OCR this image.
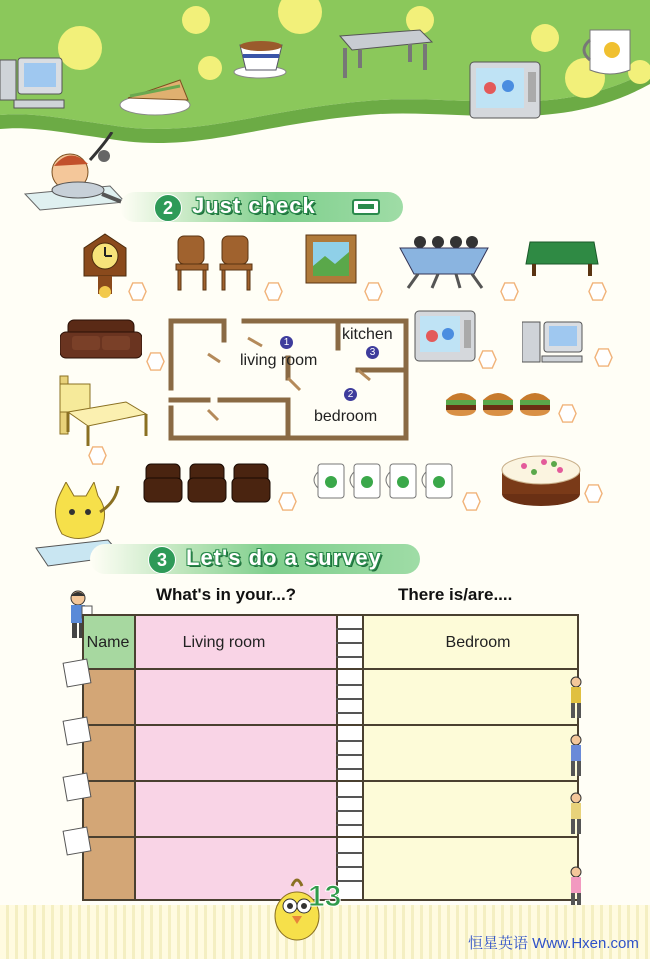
2 Just check
1
living room
kitchen
3
2
bedroom
3 Let's do a survey
What's in your...?	There is/are....
Name	Living room	Bedroom
13
恒星英语 Www.Hxen.com
